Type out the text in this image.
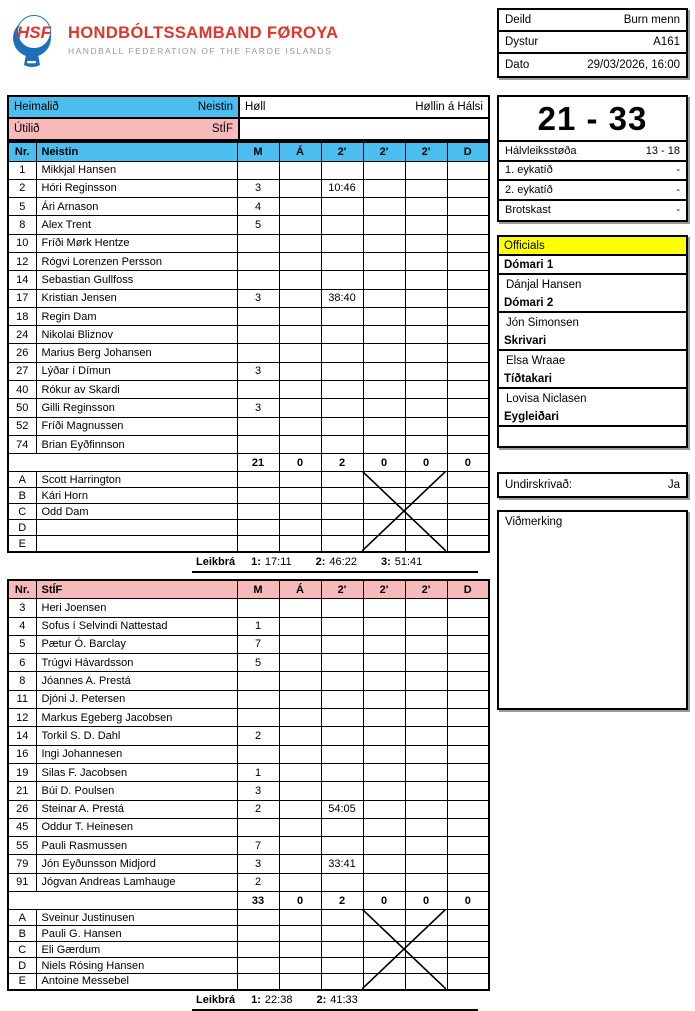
HSF HONDBÓLTSSAMBAND FØROYA
HANDBALL FEDERATION OF THE FAROE ISLANDS
Heimalið Neistin	Høll Høllin á Hálsi

Útilið StÍF	

Nr.	Neistin	M	Á	2'	2'	2'	D
1	Mikkjal Hansen						
2	Hóri Reginsson	3		10:46			
5	Ári Arnason	4					
8	Alex Trent	5					
10	Fríði Mørk Hentze						
12	Rógvi Lorenzen Persson						
14	Sebastian Gullfoss						
17	Kristian Jensen	3		38:40			
18	Regin Dam						
24	Nikolai Bliznov						
26	Marius Berg Johansen						
27	Lýðar í Dímun	3					
40	Rókur av Skardi						
50	Gilli Reginsson	3					
52	Fríði Magnussen						
74	Brian Eyðfinnson						
		21	0	2	0	0	0
A	Scott Harrington						
B	Kári Horn						
C	Odd Dam						
D							
E							
Leikbrá 1: 17:11 2: 46:22 3: 51:41
Nr.	StÍF	M	Á	2'	2'	2'	D
3	Heri Joensen						
4	Sofus í Selvindi Nattestad	1					
5	Pætur Ó. Barclay	7					
6	Trúgvi Hávardsson	5					
8	Jóannes A. Prestá						
11	Djóni J. Petersen						
12	Markus Egeberg Jacobsen						
14	Torkil S. D. Dahl	2					
16	Ingi Johannesen						
19	Silas F. Jacobsen	1					
21	Búi D. Poulsen	3					
26	Steinar A. Prestá	2		54:05			
45	Oddur T. Heinesen						
55	Pauli Rasmussen	7					
79	Jón Eyðunsson Midjord	3		33:41			
91	Jógvan Andreas Lamhauge	2					
		33	0	2	0	0	0
A	Sveinur Justinusen						
B	Pauli G. Hansen						
C	Eli Gærdum						
D	Niels Rósing Hansen						
E	Antoine Messebel						
Leikbrá 1: 22:38 2: 41:33
Deild	Burn menn
Dystur	A161
Dato	29/03/2026, 16:00
21 - 33
Hálvleiksstøða	13 - 18
1. eykatíð	-
2. eykatíð	-
Brotskast	-
Officials
Dómari 1
Dánjal Hansen
Dómari 2
Jón Simonsen
Skrivari
Elsa Wraae
Tíðtakari
Lovisa Niclasen
Eygleiðari
Undirskrivað:	Ja
Viðmerking
